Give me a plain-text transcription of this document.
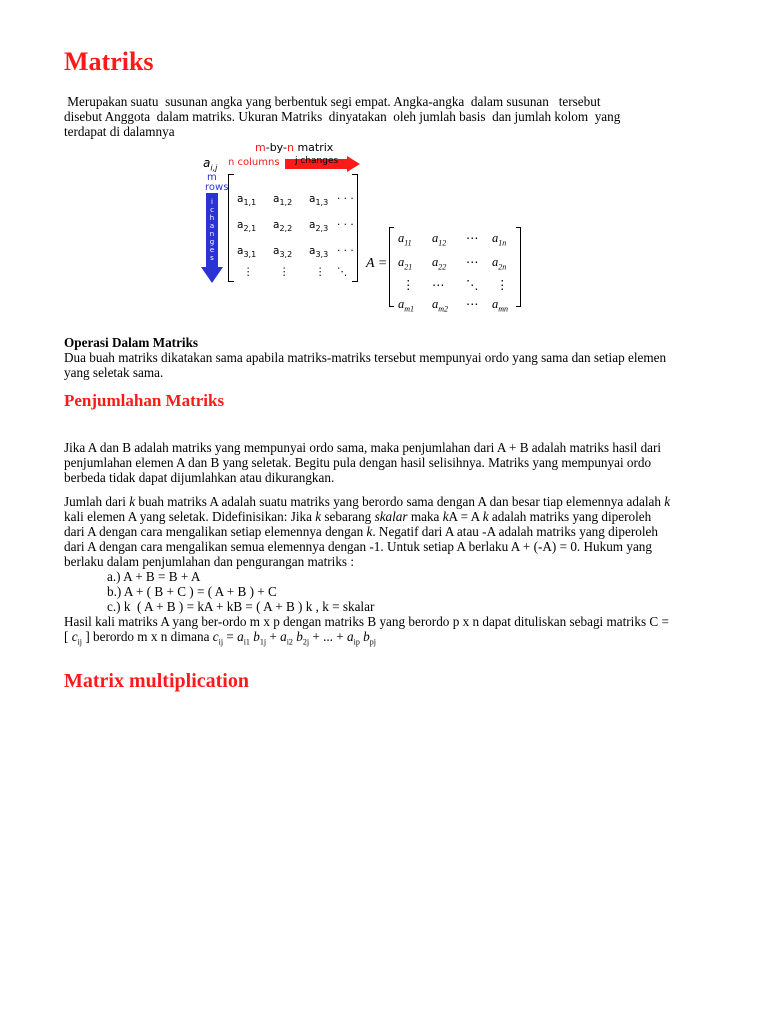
Matriks
Merupakan suatu  susunan angka yang berbentuk segi empat. Angka-angka  dalam susunan   tersebut
disebut Anggota  dalam matriks. Ukuran Matriks  dinyatakan  oleh jumlah basis  dan jumlah kolom  yang
terdapat di dalamnya
m-by-n matrix
$a_{i,j}$ n columns j changes
m
rows
i
c
h
a
n
g
e
s
$a_{1,1}$ $a_{1,2}$ $a_{1,3}$ · · ·
$a_{2,1}$ $a_{2,2}$ $a_{2,3}$ · · ·
$a_{3,1}$ $a_{3,2}$ $a_{3,3}$ · · ·
⋮ ⋮ ⋮ ⋱
A =
$a_{11}$ $a_{12}$ ⋯ $a_{1n}$
$a_{21}$ $a_{22}$ ⋯ $a_{2n}$
⋮ ⋯ ⋱ ⋮
$a_{m1}$ $a_{m2}$ ⋯ $a_{mn}$
Operasi Dalam Matriks
Dua buah matriks dikatakan sama apabila matriks-matriks tersebut mempunyai ordo yang sama dan setiap elemen
yang seletak sama.
Penjumlahan Matriks
Jika A dan B adalah matriks yang mempunyai ordo sama, maka penjumlahan dari A + B adalah matriks hasil dari
penjumlahan elemen A dan B yang seletak. Begitu pula dengan hasil selisihnya. Matriks yang mempunyai ordo
berbeda tidak dapat dijumlahkan atau dikurangkan.
Jumlah dari k buah matriks A adalah suatu matriks yang berordo sama dengan A dan besar tiap elemennya adalah k
kali elemen A yang seletak. Didefinisikan: Jika k sebarang skalar maka kA = A k adalah matriks yang diperoleh
dari A dengan cara mengalikan setiap elemennya dengan k. Negatif dari A atau -A adalah matriks yang diperoleh
dari A dengan cara mengalikan semua elemennya dengan -1. Untuk setiap A berlaku A + (-A) = 0. Hukum yang
berlaku dalam penjumlahan dan pengurangan matriks :
a.) A + B = B + A
b.) A + ( B + C ) = ( A + B ) + C
c.) k  ( A + B ) = kA + kB = ( A + B ) k , k = skalar
Hasil kali matriks A yang ber-ordo m x p dengan matriks B yang berordo p x n dapat dituliskan sebagi matriks C =
[ $c_{ij}$ ] berordo m x n dimana $c_{ij} = a_{i1}$ $b_{1j} + a_{i2}$ $b_{2j}$ + ... + $a_{ip}$ $b_{pj}$
Matrix multiplication
